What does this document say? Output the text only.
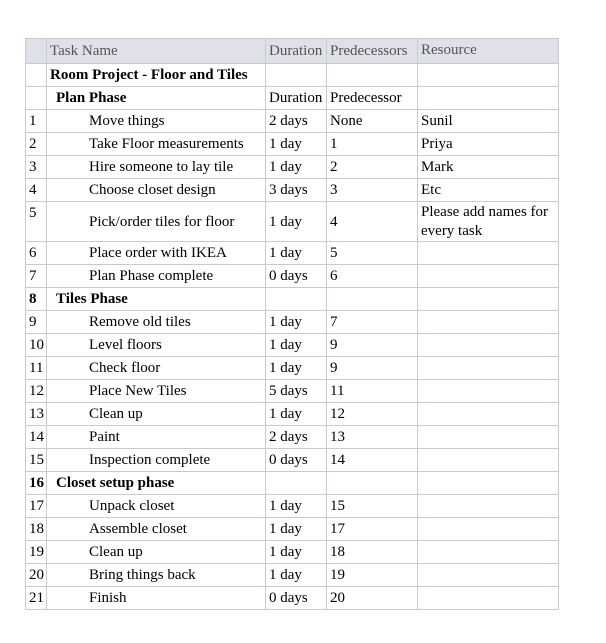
	Task Name	Duration	Predecessors	Resource
	Room Project - Floor and Tiles			
	Plan Phase	Duration	Predecessor	
1	Move things	2 days	None	Sunil
2	Take Floor measurements	1 day	1	Priya
3	Hire someone to lay tile	1 day	2	Mark
4	Choose closet design	3 days	3	Etc
5	Pick/order tiles for floor	1 day	4	Please add names for every task
6	Place order with IKEA	1 day	5	
7	Plan Phase complete	0 days	6	
8	Tiles Phase			
9	Remove old tiles	1 day	7	
10	Level floors	1 day	9	
11	Check floor	1 day	9	
12	Place New Tiles	5 days	11	
13	Clean up	1 day	12	
14	Paint	2 days	13	
15	Inspection complete	0 days	14	
16	Closet setup phase			
17	Unpack closet	1 day	15	
18	Assemble closet	1 day	17	
19	Clean up	1 day	18	
20	Bring things back	1 day	19	
21	Finish	0 days	20	
